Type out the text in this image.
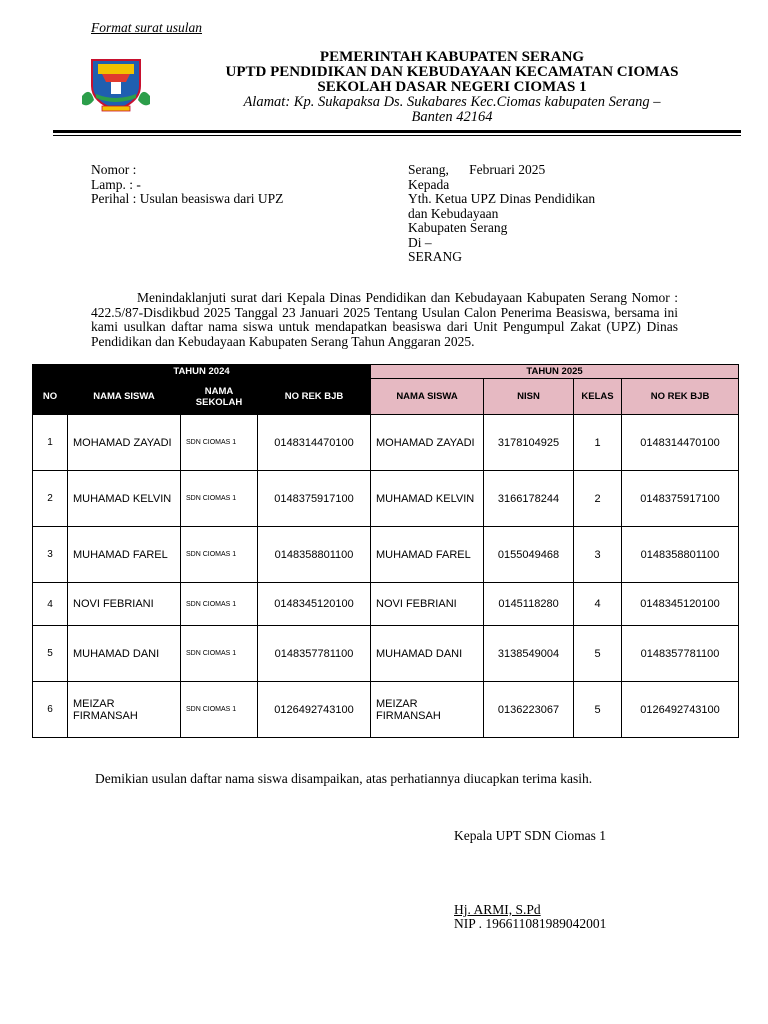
Format surat usulan
PEMERINTAH KABUPATEN SERANG
UPTD PENDIDIKAN DAN KEBUDAYAAN KECAMATAN CIOMAS
SEKOLAH DASAR NEGERI CIOMAS 1
Alamat: Kp. Sukapaksa Ds. Sukabares Kec.Ciomas kabupaten Serang –
Banten 42164
Nomor :
Lamp. : -
Perihal : Usulan beasiswa dari UPZ
Serang,      Februari 2025
Kepada
Yth. Ketua UPZ Dinas Pendidikan
dan Kebudayaan
Kabupaten Serang
Di –
SERANG
Menindaklanjuti surat dari Kepala Dinas Pendidikan dan Kebudayaan Kabupaten Serang Nomor : 422.5/87-Disdikbud 2025 Tanggal 23 Januari 2025 Tentang Usulan Calon Penerima Beasiswa, bersama ini kami usulkan daftar nama siswa untuk mendapatkan beasiswa dari Unit Pengumpul Zakat (UPZ) Dinas Pendidikan dan Kebudayaan Kabupaten Serang Tahun Anggaran 2025.
TAHUN 2024				TAHUN 2025			
NO	NAMA SISWA	NAMA SEKOLAH	NO REK BJB	NAMA SISWA	NISN	KELAS	NO REK BJB
1	MOHAMAD ZAYADI	SDN CIOMAS 1	0148314470100	MOHAMAD ZAYADI	3178104925	1	0148314470100
2	MUHAMAD KELVIN	SDN CIOMAS 1	0148375917100	MUHAMAD KELVIN	3166178244	2	0148375917100
3	MUHAMAD FAREL	SDN CIOMAS 1	0148358801100	MUHAMAD FAREL	0155049468	3	0148358801100
4	NOVI FEBRIANI	SDN CIOMAS 1	0148345120100	NOVI FEBRIANI	0145118280	4	0148345120100
5	MUHAMAD DANI	SDN CIOMAS 1	0148357781100	MUHAMAD DANI	3138549004	5	0148357781100
6	MEIZAR FIRMANSAH	SDN CIOMAS 1	0126492743100	MEIZAR FIRMANSAH	0136223067	5	0126492743100
Demikian usulan daftar nama siswa disampaikan, atas perhatiannya diucapkan terima kasih.
Kepala UPT SDN Ciomas 1
Hj. ARMI, S.Pd
NIP . 196611081989042001
